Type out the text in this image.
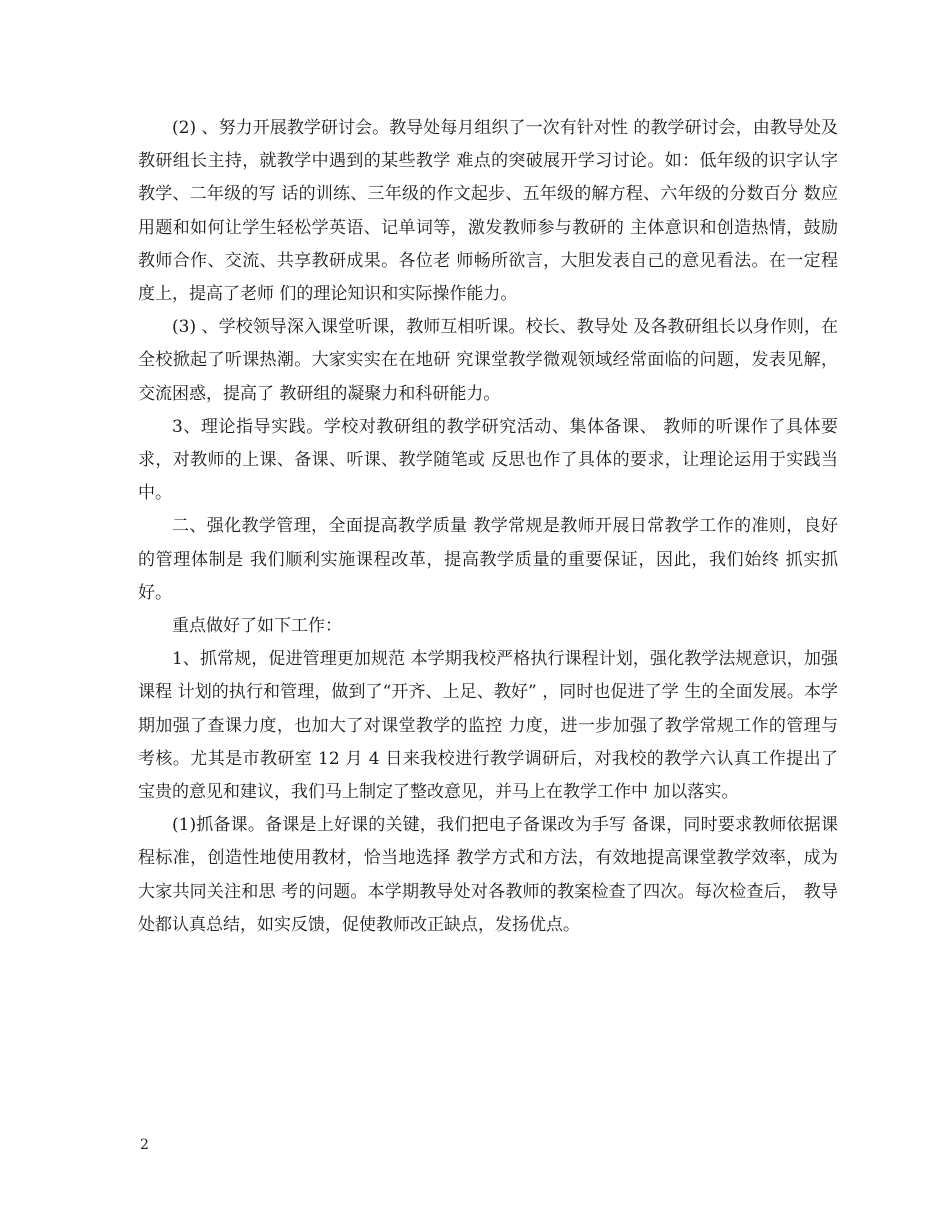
(2) 、努力开展教学研讨会。教导处每月组织了一次有针对性 的教学研讨会，由教导处及教研组长主持，就教学中遇到的某些教学 难点的突破展开学习讨论。如：低年级的识字认字教学、二年级的写 话的训练、三年级的作文起步、五年级的解方程、六年级的分数百分 数应用题和如何让学生轻松学英语、记单词等，激发教师参与教研的 主体意识和创造热情，鼓励教师合作、交流、共享教研成果。各位老 师畅所欲言，大胆发表自己的意见看法。在一定程度上，提高了老师 们的理论知识和实际操作能力。

(3) 、学校领导深入课堂听课，教师互相听课。校长、教导处 及各教研组长以身作则，在全校掀起了听课热潮。大家实实在在地研 究课堂教学微观领域经常面临的问题，发表见解，交流困惑，提高了 教研组的凝聚力和科研能力。

3、理论指导实践。学校对教研组的教学研究活动、集体备课、 教师的听课作了具体要求，对教师的上课、备课、听课、教学随笔或 反思也作了具体的要求，让理论运用于实践当中。

二、强化教学管理，全面提高教学质量 教学常规是教师开展日常教学工作的准则，良好的管理体制是 我们顺利实施课程改革，提高教学质量的重要保证，因此，我们始终 抓实抓好。

重点做好了如下工作：

1、抓常规，促进管理更加规范 本学期我校严格执行课程计划，强化教学法规意识，加强课程 计划的执行和管理，做到了“开齐、上足、教好” ，同时也促进了学 生的全面发展。本学期加强了查课力度，也加大了对课堂教学的监控 力度，进一步加强了教学常规工作的管理与考核。尤其是市教研室 12 月 4 日来我校进行教学调研后，对我校的教学六认真工作提出了 宝贵的意见和建议，我们马上制定了整改意见，并马上在教学工作中 加以落实。

(1)抓备课。备课是上好课的关键，我们把电子备课改为手写 备课，同时要求教师依据课程标准，创造性地使用教材，恰当地选择 教学方式和方法，有效地提高课堂教学效率，成为大家共同关注和思 考的问题。本学期教导处对各教师的教案检查了四次。每次检查后， 教导处都认真总结，如实反馈，促使教师改正缺点，发扬优点。

2
